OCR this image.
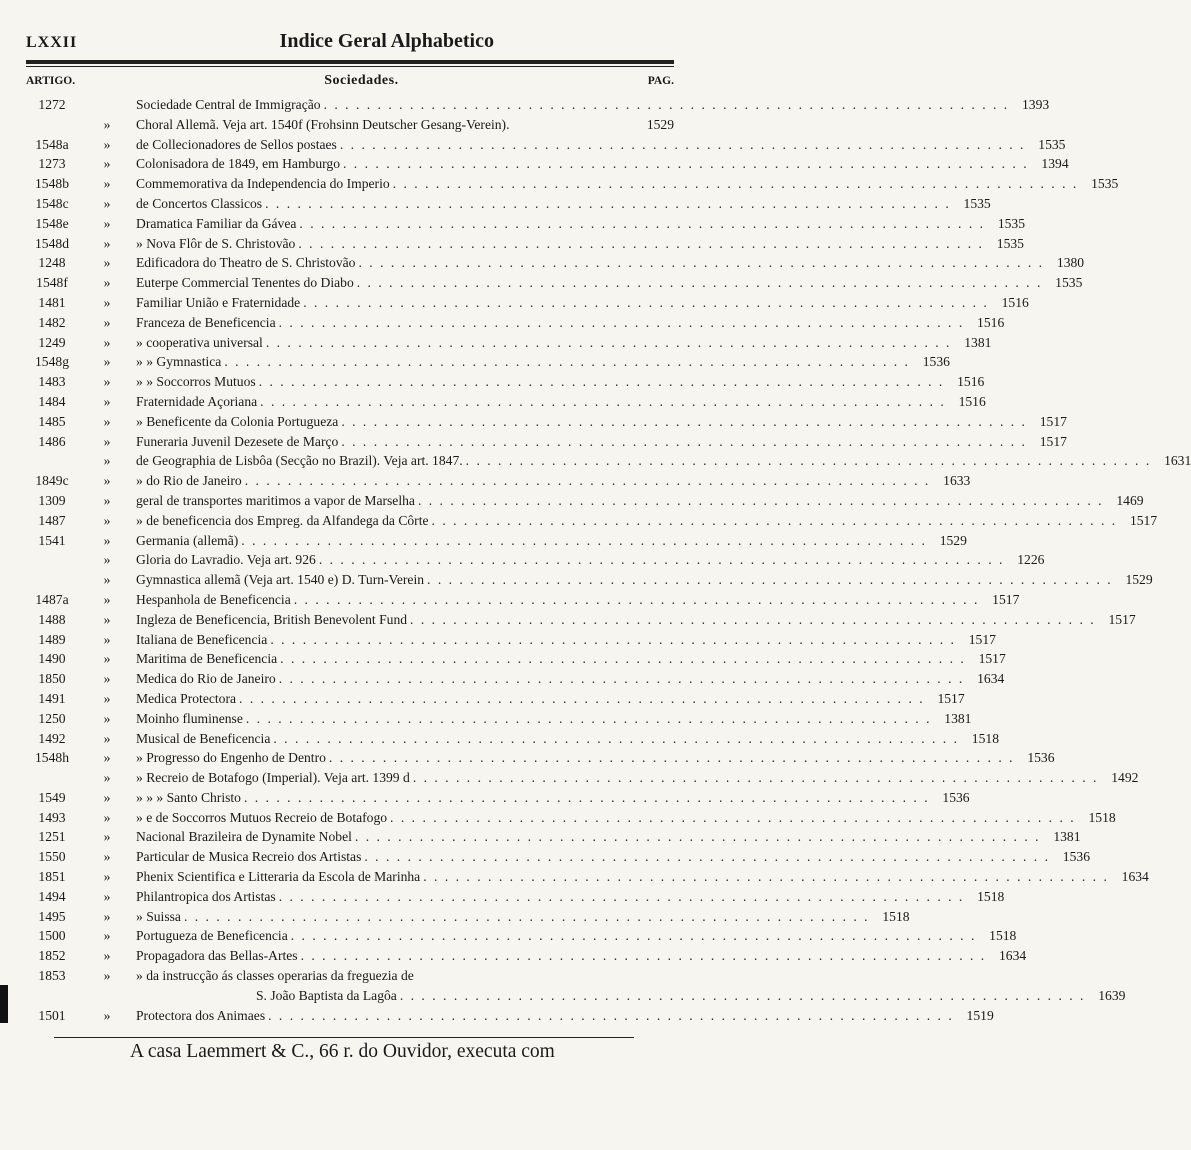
LXXII	Indice Geral Alphabetico
ARTIGO.	Sociedades.	PAG.
1272	Sociedade Central de Immigração . . .	1393
»	Choral Allemã. Veja art. 1540f (Frohsinn Deutscher Gesang-Verein).	1529
1548a	»	de Collecionadores de Sellos postaes . . .	1535
1273	»	Colonisadora de 1849, em Hamburgo . . .	1394
1548b	»	Commemorativa da Independencia do Imperio . . .	1535
1548c	»	de Concertos Classicos . . .	1535
1548e	»	Dramatica Familiar da Gávea . . .	1535
1548d	»	» Nova Flôr de S. Christovão . . .	1535
1248	»	Edificadora do Theatro de S. Christovão . . .	1380
1548f	»	Euterpe Commercial Tenentes do Diabo . . .	1535
1481	»	Familiar União e Fraternidade . . .	1516
1482	»	Franceza de Beneficencia . . .	1516
1249	»	» cooperativa universal . . .	1381
1548g	»	» » Gymnastica . . .	1536
1483	»	» » Soccorros Mutuos . . .	1516
1484	»	Fraternidade Açoriana . . .	1516
1485	»	» Beneficente da Colonia Portugueza . . .	1517
1486	»	Funeraria Juvenil Dezesete de Março . . .	1517
»	de Geographia de Lisbôa (Secção no Brazil). Veja art. 1847. . . .	1631
1849c	»	» do Rio de Janeiro . . .	1633
1309	»	geral de transportes maritimos a vapor de Marselha . . .	1469
1487	»	» de beneficencia dos Empreg. da Alfandega da Côrte . . .	1517
1541	»	Germania (allemã) . . .	1529
»	Gloria do Lavradio. Veja art. 926 . . .	1226
»	Gymnastica allemã (Veja art. 1540 e) D. Turn-Verein . . .	1529
1487a	»	Hespanhola de Beneficencia . . .	1517
1488	»	Ingleza de Beneficencia, British Benevolent Fund . . .	1517
1489	»	Italiana de Beneficencia . . .	1517
1490	»	Maritima de Beneficencia . . .	1517
1850	»	Medica do Rio de Janeiro . . .	1634
1491	»	Medica Protectora . . .	1517
1250	»	Moinho fluminense . . .	1381
1492	»	Musical de Beneficencia . . .	1518
1548h	»	» Progresso do Engenho de Dentro . . .	1536
»	» Recreio de Botafogo (Imperial). Veja art. 1399 d . . .	1492
1549	»	» » » Santo Christo . . .	1536
1493	»	» e de Soccorros Mutuos Recreio de Botafogo . . .	1518
1251	»	Nacional Brazileira de Dynamite Nobel . . .	1381
1550	»	Particular de Musica Recreio dos Artistas . . .	1536
1851	»	Phenix Scientifica e Litteraria da Escola de Marinha . . .	1634
1494	»	Philantropica dos Artistas . . .	1518
1495	»	» Suissa . . .	1518
1500	»	Portugueza de Beneficencia . . .	1518
1852	»	Propagadora das Bellas-Artes . . .	1634
1853	»	» da instrucção ás classes operarias da freguezia de
S. João Baptista da Lagôa . . .	1639
1501	»	Protectora dos Animaes . . .	1519
A casa Laemmert & C., 66 r. do Ouvidor, executa com
